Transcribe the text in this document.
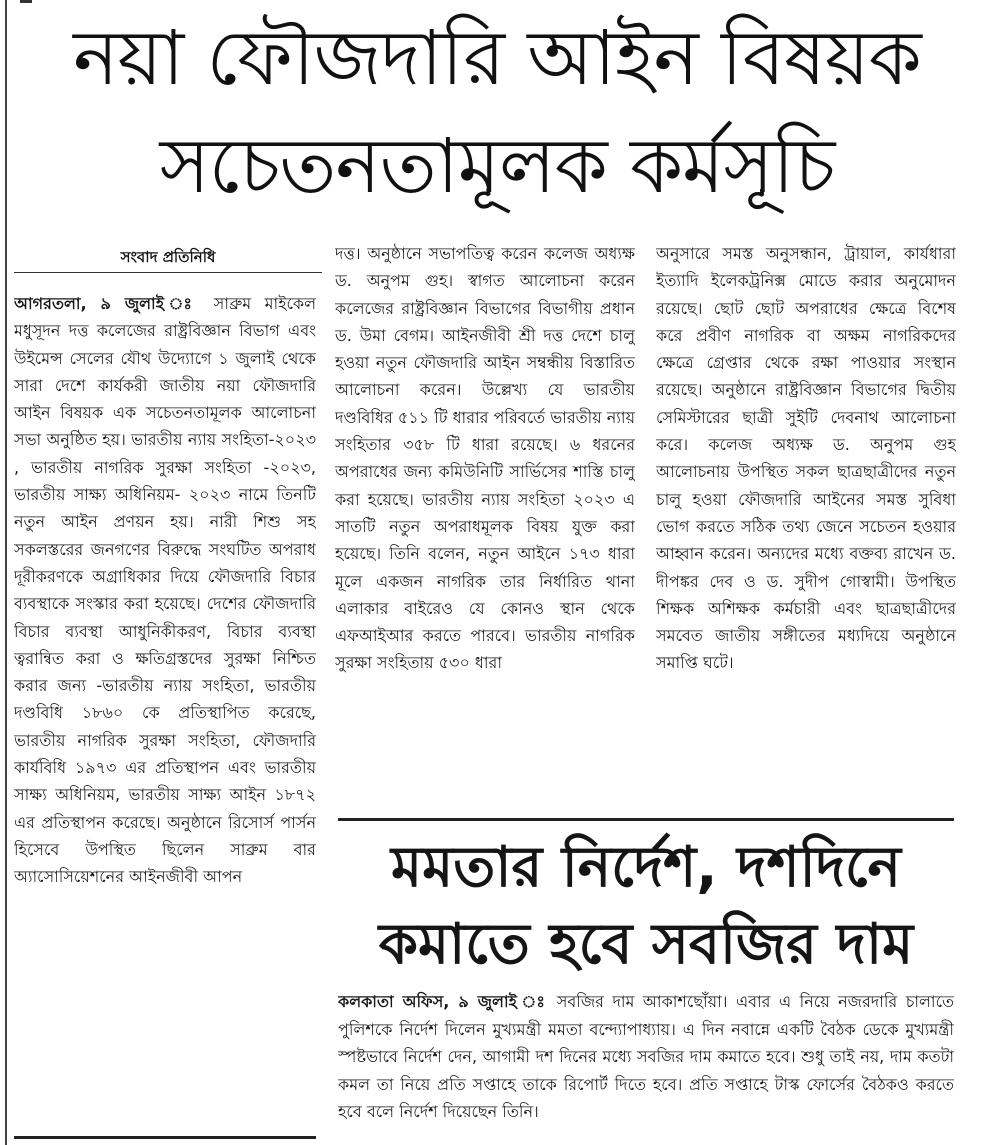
নয়া ফৌজদারি আইন বিষয়ক
সচেতনতামূলক কর্মসূচি
সংবাদ প্রতিনিধি

আগরতলা, ৯ জুলাই ঃ সাব্রুম মাইকেল মধুসূদন দত্ত কলেজের রাষ্ট্রবিজ্ঞান বিভাগ এবং উইমেন্স সেলের যৌথ উদ্যোগে ১ জুলাই থেকে সারা দেশে কার্যকরী জাতীয় নয়া ফৌজদারি আইন বিষয়ক এক সচেতনতামূলক আলোচনা সভা অনুষ্ঠিত হয়। ভারতীয় ন্যায় সংহিতা-২০২৩ , ভারতীয় নাগরিক সুরক্ষা সংহিতা -২০২৩, ভারতীয় সাক্ষ্য অধিনিয়ম- ২০২৩ নামে তিনটি নতুন আইন প্রণয়ন হয়। নারী শিশু সহ সকলস্তরের জনগণের বিরুদ্ধে সংঘটিত অপরাধ দূরীকরণকে অগ্রাধিকার দিয়ে ফৌজদারি বিচার ব্যবস্থাকে সংস্কার করা হয়েছে। দেশের ফৌজদারি বিচার ব্যবস্থা আধুনিকীকরণ, বিচার ব্যবস্থা ত্বরান্বিত করা ও ক্ষতিগ্রস্তদের সুরক্ষা নিশ্চিত করার জন্য -ভারতীয় ন্যায় সংহিতা, ভারতীয় দণ্ডবিধি ১৮৬০ কে প্রতিস্থাপিত করেছে, ভারতীয় নাগরিক সুরক্ষা সংহিতা, ফৌজদারি কার্যবিধি ১৯৭৩ এর প্রতিস্থাপন এবং ভারতীয় সাক্ষ্য অধিনিয়ম, ভারতীয় সাক্ষ্য আইন ১৮৭২ এর প্রতিস্থাপন করেছে। অনুষ্ঠানে রিসোর্স পার্সন হিসেবে উপস্থিত ছিলেন সাব্রুম বার অ্যাসোসিয়েশনের আইনজীবী আপন

দত্ত। অনুষ্ঠানে সভাপতিত্ব করেন কলেজ অধ্যক্ষ ড. অনুপম গুহ। স্বাগত আলোচনা করেন কলেজের রাষ্ট্রবিজ্ঞান বিভাগের বিভাগীয় প্রধান ড. উমা বেগম। আইনজীবী শ্রী দত্ত দেশে চালু হওয়া নতুন ফৌজদারি আইন সম্বন্ধীয় বিস্তারিত আলোচনা করেন। উল্লেখ্য যে ভারতীয় দণ্ডবিধির ৫১১ টি ধারার পরিবর্তে ভারতীয় ন্যায় সংহিতার ৩৫৮ টি ধারা রয়েছে। ৬ ধরনের অপরাধের জন্য কমিউনিটি সার্ভিসের শাস্তি চালু করা হয়েছে। ভারতীয় ন্যায় সংহিতা ২০২৩ এ সাতটি নতুন অপরাধমূলক বিষয় যুক্ত করা হয়েছে। তিনি বলেন, নতুন আইনে ১৭৩ ধারা মূলে একজন নাগরিক তার নির্ধারিত থানা এলাকার বাইরেও যে কোনও স্থান থেকে এফআইআর করতে পারবে। ভারতীয় নাগরিক সুরক্ষা সংহিতায় ৫৩০ ধারা

অনুসারে সমস্ত অনুসন্ধান, ট্রায়াল, কার্যধারা ইত্যাদি ইলেকট্রনিক্স মোডে করার অনুমোদন রয়েছে। ছোট ছোট অপরাধের ক্ষেত্রে বিশেষ করে প্রবীণ নাগরিক বা অক্ষম নাগরিকদের ক্ষেত্রে গ্রেপ্তার থেকে রক্ষা পাওয়ার সংস্থান রয়েছে। অনুষ্ঠানে রাষ্ট্রবিজ্ঞান বিভাগের দ্বিতীয় সেমিস্টারের ছাত্রী সুইটি দেবনাথ আলোচনা করে। কলেজ অধ্যক্ষ ড. অনুপম গুহ আলোচনায় উপস্থিত সকল ছাত্রছাত্রীদের নতুন চালু হওয়া ফৌজদারি আইনের সমস্ত সুবিধা ভোগ করতে সঠিক তথ্য জেনে সচেতন হওয়ার আহ্বান করেন। অন্যদের মধ্যে বক্তব্য রাখেন ড. দীপঙ্কর দেব ও ড. সুদীপ গোস্বামী। উপস্থিত শিক্ষক অশিক্ষক কর্মচারী এবং ছাত্রছাত্রীদের সমবেত জাতীয় সঙ্গীতের মধ্যদিয়ে অনুষ্ঠানে সমাপ্তি ঘটে।

মমতার নির্দেশ, দশদিনে
কমাতে হবে সবজির দাম

কলকাতা অফিস, ৯ জুলাই ঃ সবজির দাম আকাশছোঁয়া। এবার এ নিয়ে নজরদারি চালাতে পুলিশকে নির্দেশ দিলেন মুখ্যমন্ত্রী মমতা বন্দ্যোপাধ্যায়। এ দিন নবান্নে একটি বৈঠক ডেকে মুখ্যমন্ত্রী স্পষ্টভাবে নির্দেশ দেন, আগামী দশ দিনের মধ্যে সবজির দাম কমাতে হবে। শুধু তাই নয়, দাম কতটা কমল তা নিয়ে প্রতি সপ্তাহে তাকে রিপোর্ট দিতে হবে। প্রতি সপ্তাহে টাস্ক ফোর্সের বৈঠকও করতে হবে বলে নির্দেশ দিয়েছেন তিনি।
